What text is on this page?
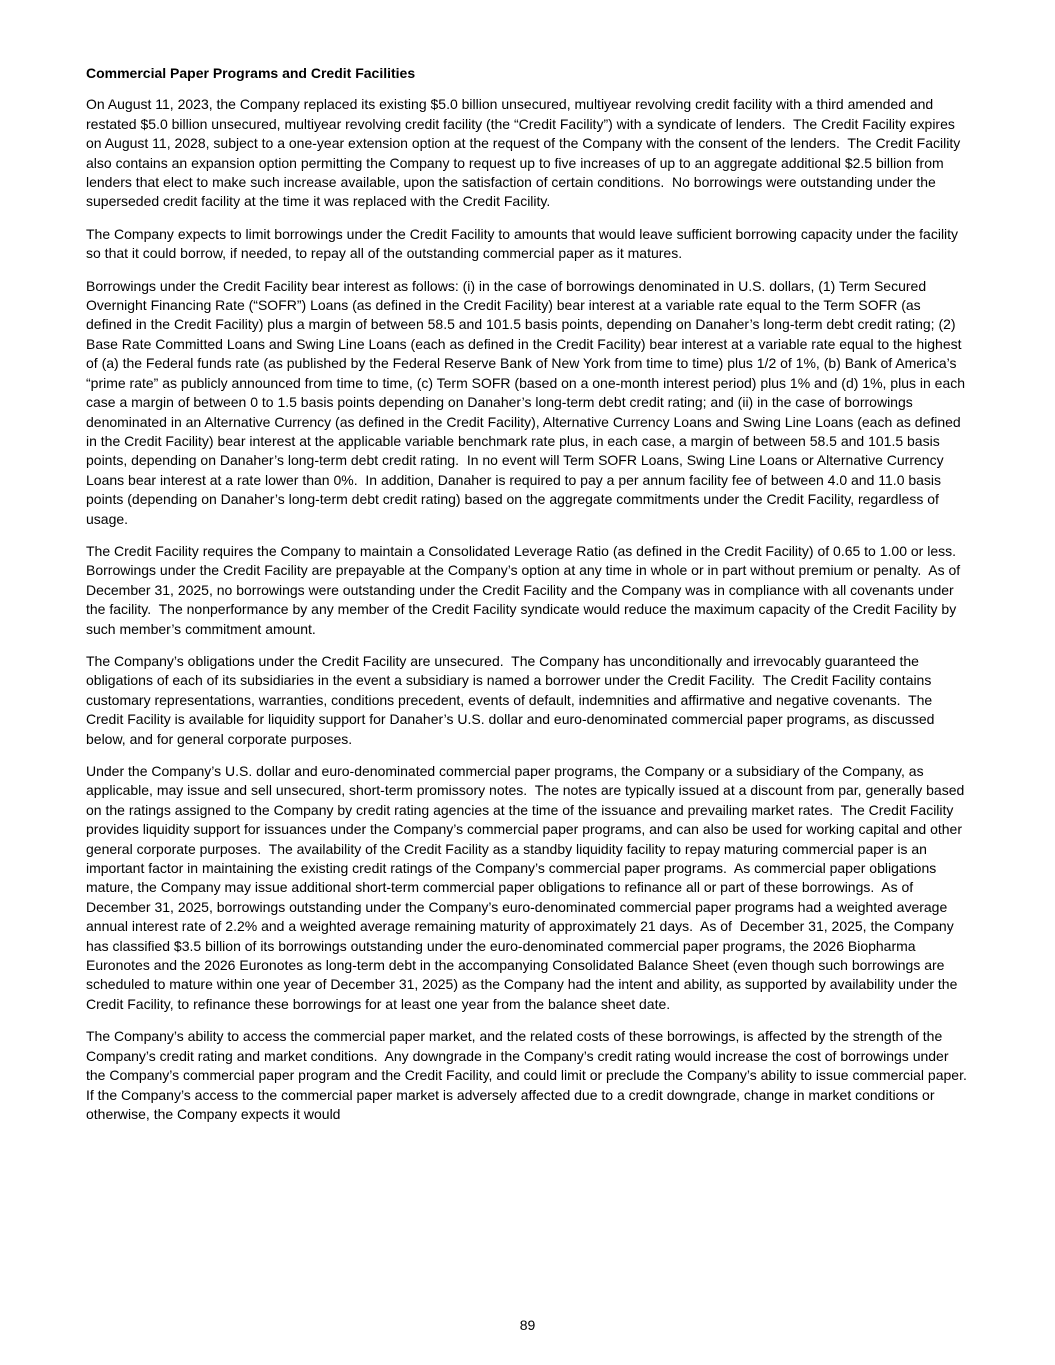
Commercial Paper Programs and Credit Facilities

On August 11, 2023, the Company replaced its existing $5.0 billion unsecured, multiyear revolving credit facility with a third amended and restated $5.0 billion unsecured, multiyear revolving credit facility (the “Credit Facility”) with a syndicate of lenders.  The Credit Facility expires on August 11, 2028, subject to a one-year extension option at the request of the Company with the consent of the lenders.  The Credit Facility also contains an expansion option permitting the Company to request up to five increases of up to an aggregate additional $2.5 billion from lenders that elect to make such increase available, upon the satisfaction of certain conditions.  No borrowings were outstanding under the superseded credit facility at the time it was replaced with the Credit Facility.

The Company expects to limit borrowings under the Credit Facility to amounts that would leave sufficient borrowing capacity under the facility so that it could borrow, if needed, to repay all of the outstanding commercial paper as it matures.

Borrowings under the Credit Facility bear interest as follows: (i) in the case of borrowings denominated in U.S. dollars, (1) Term Secured Overnight Financing Rate (“SOFR”) Loans (as defined in the Credit Facility) bear interest at a variable rate equal to the Term SOFR (as defined in the Credit Facility) plus a margin of between 58.5 and 101.5 basis points, depending on Danaher’s long-term debt credit rating; (2) Base Rate Committed Loans and Swing Line Loans (each as defined in the Credit Facility) bear interest at a variable rate equal to the highest of (a) the Federal funds rate (as published by the Federal Reserve Bank of New York from time to time) plus 1/2 of 1%, (b) Bank of America’s “prime rate” as publicly announced from time to time, (c) Term SOFR (based on a one-month interest period) plus 1% and (d) 1%, plus in each case a margin of between 0 to 1.5 basis points depending on Danaher’s long-term debt credit rating; and (ii) in the case of borrowings denominated in an Alternative Currency (as defined in the Credit Facility), Alternative Currency Loans and Swing Line Loans (each as defined in the Credit Facility) bear interest at the applicable variable benchmark rate plus, in each case, a margin of between 58.5 and 101.5 basis points, depending on Danaher’s long-term debt credit rating.  In no event will Term SOFR Loans, Swing Line Loans or Alternative Currency Loans bear interest at a rate lower than 0%.  In addition, Danaher is required to pay a per annum facility fee of between 4.0 and 11.0 basis points (depending on Danaher’s long-term debt credit rating) based on the aggregate commitments under the Credit Facility, regardless of usage.

The Credit Facility requires the Company to maintain a Consolidated Leverage Ratio (as defined in the Credit Facility) of 0.65 to 1.00 or less.  Borrowings under the Credit Facility are prepayable at the Company’s option at any time in whole or in part without premium or penalty.  As of December 31, 2025, no borrowings were outstanding under the Credit Facility and the Company was in compliance with all covenants under the facility.  The nonperformance by any member of the Credit Facility syndicate would reduce the maximum capacity of the Credit Facility by such member’s commitment amount.

The Company’s obligations under the Credit Facility are unsecured.  The Company has unconditionally and irrevocably guaranteed the obligations of each of its subsidiaries in the event a subsidiary is named a borrower under the Credit Facility.  The Credit Facility contains customary representations, warranties, conditions precedent, events of default, indemnities and affirmative and negative covenants.  The Credit Facility is available for liquidity support for Danaher’s U.S. dollar and euro-denominated commercial paper programs, as discussed below, and for general corporate purposes.

Under the Company’s U.S. dollar and euro-denominated commercial paper programs, the Company or a subsidiary of the Company, as applicable, may issue and sell unsecured, short-term promissory notes.  The notes are typically issued at a discount from par, generally based on the ratings assigned to the Company by credit rating agencies at the time of the issuance and prevailing market rates.  The Credit Facility provides liquidity support for issuances under the Company’s commercial paper programs, and can also be used for working capital and other general corporate purposes.  The availability of the Credit Facility as a standby liquidity facility to repay maturing commercial paper is an important factor in maintaining the existing credit ratings of the Company’s commercial paper programs.  As commercial paper obligations mature, the Company may issue additional short-term commercial paper obligations to refinance all or part of these borrowings.  As of December 31, 2025, borrowings outstanding under the Company’s euro-denominated commercial paper programs had a weighted average annual interest rate of 2.2% and a weighted average remaining maturity of approximately 21 days.  As of  December 31, 2025, the Company has classified $3.5 billion of its borrowings outstanding under the euro-denominated commercial paper programs, the 2026 Biopharma Euronotes and the 2026 Euronotes as long-term debt in the accompanying Consolidated Balance Sheet (even though such borrowings are scheduled to mature within one year of December 31, 2025) as the Company had the intent and ability, as supported by availability under the Credit Facility, to refinance these borrowings for at least one year from the balance sheet date.

The Company’s ability to access the commercial paper market, and the related costs of these borrowings, is affected by the strength of the Company’s credit rating and market conditions.  Any downgrade in the Company’s credit rating would increase the cost of borrowings under the Company’s commercial paper program and the Credit Facility, and could limit or preclude the Company’s ability to issue commercial paper.  If the Company’s access to the commercial paper market is adversely affected due to a credit downgrade, change in market conditions or otherwise, the Company expects it would

89
